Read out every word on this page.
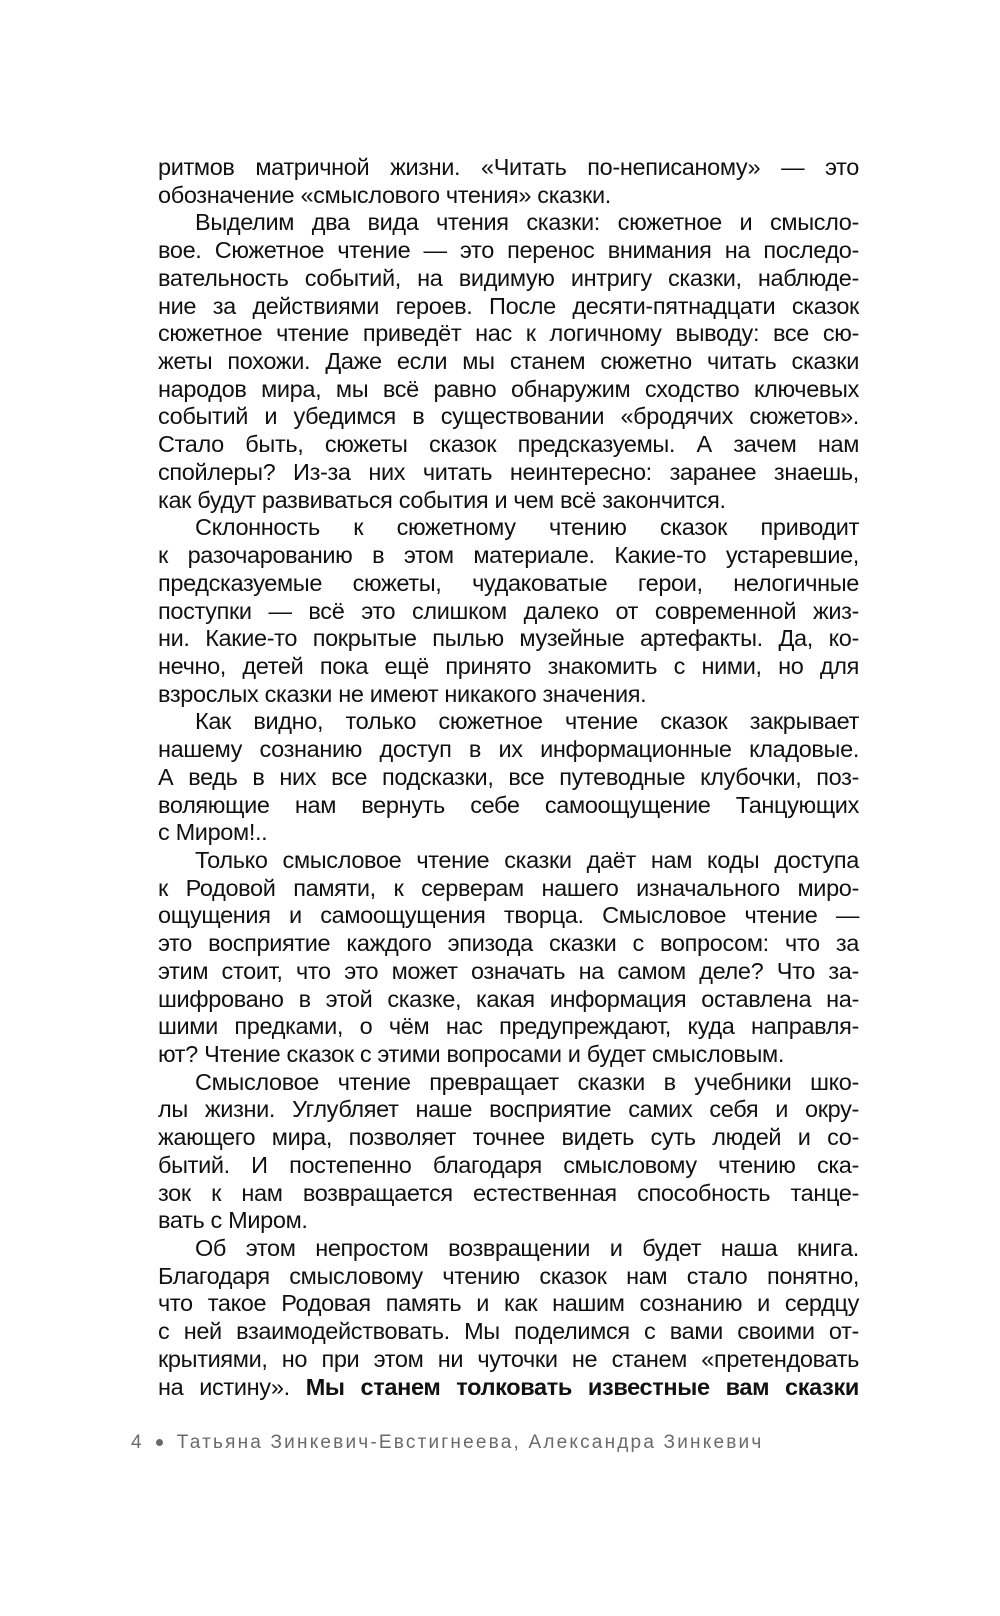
ритмов матричной жизни. «Читать по-неписаному» — это
обозначение «смыслового чтения» сказки.
Выделим два вида чтения сказки: сюжетное и смысло-
вое. Сюжетное чтение — это перенос внимания на последо-
вательность событий, на видимую интригу сказки, наблюде-
ние за действиями героев. После десяти-пятнадцати сказок
сюжетное чтение приведёт нас к логичному выводу: все сю-
жеты похожи. Даже если мы станем сюжетно читать сказки
народов мира, мы всё равно обнаружим сходство ключевых
событий и убедимся в существовании «бродячих сюжетов».
Стало быть, сюжеты сказок предсказуемы. А зачем нам
спойлеры? Из-за них читать неинтересно: заранее знаешь,
как будут развиваться события и чем всё закончится.
Склонность к сюжетному чтению сказок приводит
к разочарованию в этом материале. Какие-то устаревшие,
предсказуемые сюжеты, чудаковатые герои, нелогичные
поступки — всё это слишком далеко от современной жиз-
ни. Какие-то покрытые пылью музейные артефакты. Да, ко-
нечно, детей пока ещё принято знакомить с ними, но для
взрослых сказки не имеют никакого значения.
Как видно, только сюжетное чтение сказок закрывает
нашему сознанию доступ в их информационные кладовые.
А ведь в них все подсказки, все путеводные клубочки, поз-
воляющие нам вернуть себе самоощущение Танцующих
с Миром!..
Только смысловое чтение сказки даёт нам коды доступа
к Родовой памяти, к серверам нашего изначального миро-
ощущения и самоощущения творца. Смысловое чтение —
это восприятие каждого эпизода сказки с вопросом: что за
этим стоит, что это может означать на самом деле? Что за-
шифровано в этой сказке, какая информация оставлена на-
шими предками, о чём нас предупреждают, куда направля-
ют? Чтение сказок с этими вопросами и будет смысловым.
Смысловое чтение превращает сказки в учебники шко-
лы жизни. Углубляет наше восприятие самих себя и окру-
жающего мира, позволяет точнее видеть суть людей и со-
бытий. И постепенно благодаря смысловому чтению ска-
зок к нам возвращается естественная способность танце-
вать с Миром.
Об этом непростом возвращении и будет наша книга.
Благодаря смысловому чтению сказок нам стало понятно,
что такое Родовая память и как нашим сознанию и сердцу
с ней взаимодействовать. Мы поделимся с вами своими от-
крытиями, но при этом ни чуточки не станем «претендовать
на истину». Мы станем толковать известные вам сказки
4 Татьяна Зинкевич-Евстигнеева, Александра Зинкевич
